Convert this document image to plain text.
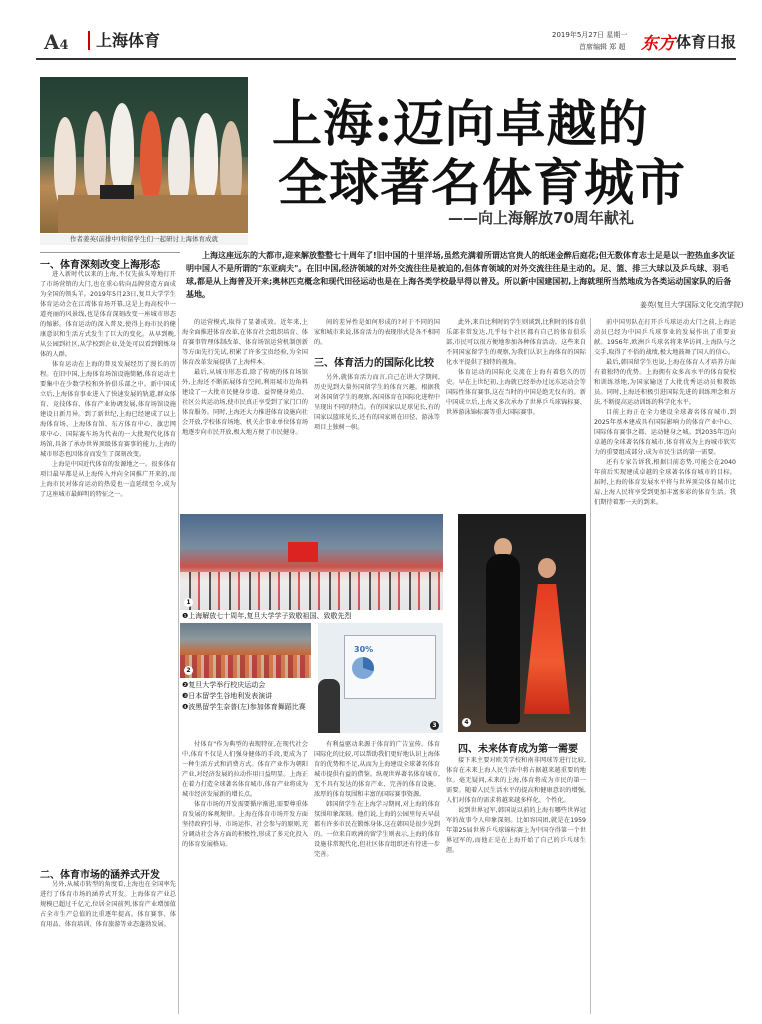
A4	上海体育	2019年5月27日 星期一
首席编辑 郑 超 东方 体育日报
作者姜英(前排中)和留学生们一起研讨上海体育成就
上海:迈向卓越的
全球著名体育城市
——向上海解放70周年献礼
上海这座远东的大都市,迎来解放整整七十周年了!旧中国的十里洋场,虽然充满着所谓达官贵人的纸迷金醉后庭花;但无数体育志士足是以一腔热血多次证明中国人不是所谓的"东亚病夫"。在旧中国,经济领域的对外交流往往是被迫的,但体育领域的对外交流往往是主动的。足、篮、排三大球以及乒乓球、羽毛球,都是从上海普及开来;奥林匹克概念和现代田径运动也是在上海各类学校最早得以普及。所以新中国建国初,上海就理所当然地成为各类运动国家队的后备基地。
姜英(复旦大学国际文化交流学院)
一、体育深刻改变上海形态

进入新时代以来的上海,不仅先拔头筹地打开了市场营销的大门,也在重心转向品牌营造方面成为全国的领头羊。2019年5月23日,复旦大学学生体育运动会在江湾体育场开幕,这是上海高校中一道亮丽的风景线,也是体育深刻改变一座城市形态的缩影。体育运动的深入普及,使得上海市民的健康意识和生活方式发生了巨大的变化。从早到晚,从公园到社区,从学校到企业,处处可以看到锻炼身体的人群。

体育运动在上海的普及发展经历了漫长的历程。在旧中国,上海体育场馆设施简陋,体育运动主要集中在少数学校和外侨俱乐部之中。新中国成立后,上海体育事业进入了快速发展的轨道,群众体育、竞技体育、体育产业协调发展,体育场馆设施建设日新月异。到了新世纪,上海已经建成了以上海体育场、上海体育馆、东方体育中心、旗忠网球中心、国际赛车场为代表的一大批现代化体育场馆,具备了承办世界顶级体育赛事的能力,上海的城市形态也因体育而发生了深刻改变。

上海是中国近代体育的发源地之一。很多体育项目最早都是从上海传入并向全国推广开来的,而上海市民对体育运动的热爱也一直延续至今,成为了这座城市最鲜明的特征之一。

二、体育市场的涵养式开发

另外,从城市转型的角度看,上海也在全国率先进行了体育市场的涵养式开发。上海体育产业总规模已超过千亿元,位居全国前列,体育产业增加值占全市生产总值的比重逐年提高。体育赛事、体育用品、体育培训、体育旅游等业态蓬勃发展。

的运营模式,取得了显著成效。近年来,上海全面推进体育改革,在体育社会组织培育、体育赛事管理体制改革、体育场馆运营机制创新等方面先行先试,积累了许多宝贵经验,为全国体育改革发展提供了上海样本。

最后,从城市形态看,除了传统的体育场馆外,上海还不断拓展体育空间,利用城市边角料建设了一大批市民健身步道、益智健身苑点、社区公共运动场,使市民真正享受到了家门口的体育服务。同时,上海还大力推进体育设施向社会开放,学校体育场地、机关企事业单位体育场地逐步向市民开放,极大地方便了市民健身。

间的差异性是如何形成的?对于不同的国家和城市来说,体育活力的表现形式是各不相同的。

三、体育活力的国际化比较

另外,就体育活力而言,自己在讲大学期间,历史见到大量外国留学生的体育兴趣。根据我对各国留学生的观察,各国体育在国际化进程中呈现出不同的特点。有的国家以足球见长,有的国家以篮球见长,还有的国家则在田径、游泳等项目上独树一帜。

此外,来自比利时的学生则谈到,比利时的体育俱乐部非常发达,几乎每个社区都有自己的体育俱乐部,市民可以很方便地参加各种体育活动。这些来自不同国家留学生的观察,为我们认识上海体育的国际化水平提供了独特的视角。

体育运动的国际化交流在上海有着悠久的历史。早在上世纪初,上海就已经举办过远东运动会等国际性体育赛事,这在当时的中国是绝无仅有的。新中国成立后,上海又多次承办了世界乒乓球锦标赛、世界游泳锦标赛等重大国际赛事。

前中国男队在打开乒乓球运动大门之前,上海运动员已经为中国乒乓球事业的发展作出了重要贡献。1956年,欧洲乒乓球名将来华访问,上海队与之交手,取得了不俗的战绩,极大地鼓舞了国人的信心。

最后,韩国留学生也说,上海在体育人才培养方面有着独特的优势。上海拥有众多高水平的体育院校和训练基地,为国家输送了大批优秀运动员和教练员。同时,上海还积极引进国际先进的训练理念和方法,不断提高运动训练的科学化水平。

目前上海正在全力建设全球著名体育城市,到2025年基本建成具有国际影响力的体育产业中心、国际体育赛事之都、运动健身之城。到2035年迈向卓越的全球著名体育城市,体育将成为上海城市软实力的重要组成部分,成为市民生活的第一需要。

还有专家告诉我,根据目前态势,可能会在2040年前后实现建成卓越的全球著名体育城市的目标。届时,上海的体育发展水平将与世界顶尖体育城市比肩,上海人民将享受到更加丰富多彩的体育生活。我们期待着那一天的到来。

1
❶上海解放七十周年,复旦大学学子致敬祖国、致敬先烈
2
30%
3	4
❷复旦大学举行校庆运动会
❸日本留学生谷地利发表演讲
❹波黑留学生奈普(左)参加体育舞蹈比赛

付体育"作为典型的表现特征,在现代社会中,体育不仅是人们强身健体的手段,更成为了一种生活方式和消费方式。体育产业作为朝阳产业,对经济发展的拉动作用日益明显。上海正在着力打造全球著名体育城市,体育产业将成为城市经济发展新的增长点。

体育市场的开发需要循序渐进,需要尊重体育发展的客观规律。上海在体育市场开发方面坚持政府引导、市场运作、社会参与的原则,充分调动社会各方面的积极性,形成了多元化投入的体育发展格局。

有利益驱动来源于体育的广告宣传。体育国际化的比较,可以帮助我们更好地认识上海体育的优势和不足,从而为上海建设全球著名体育城市提供有益的借鉴。纵观世界著名体育城市,无不具有发达的体育产业、完善的体育设施、浓厚的体育氛围和丰富的国际赛事资源。

韩国留学生在上海学习期间,对上海的体育氛围印象深刻。他们说,上海的公园里每天早晨都有许多市民在锻炼身体,这在韩国是很少见到的。一位来自欧洲的留学生则表示,上海的体育设施非常现代化,但社区体育组织还有待进一步完善。

四、未来体育成为第一需要

接下来主要对欧美学校和南非网球等进行比较,体育在未来上海人民生活中将占据越来越重要的地位。毫无疑问,未来的上海,体育将成为市民的第一需要。随着人民生活水平的提高和健康意识的增强,人们对体育的需求将越来越多样化、个性化。

说到世界冠军,韩国说以前的上海有哪些世界冠军的故事令人印象深刻。比如容国团,就是在1959年第25届世界乒乓球锦标赛上为中国夺得第一个世界冠军的,而他正是在上海开始了自己的乒乓球生涯。
